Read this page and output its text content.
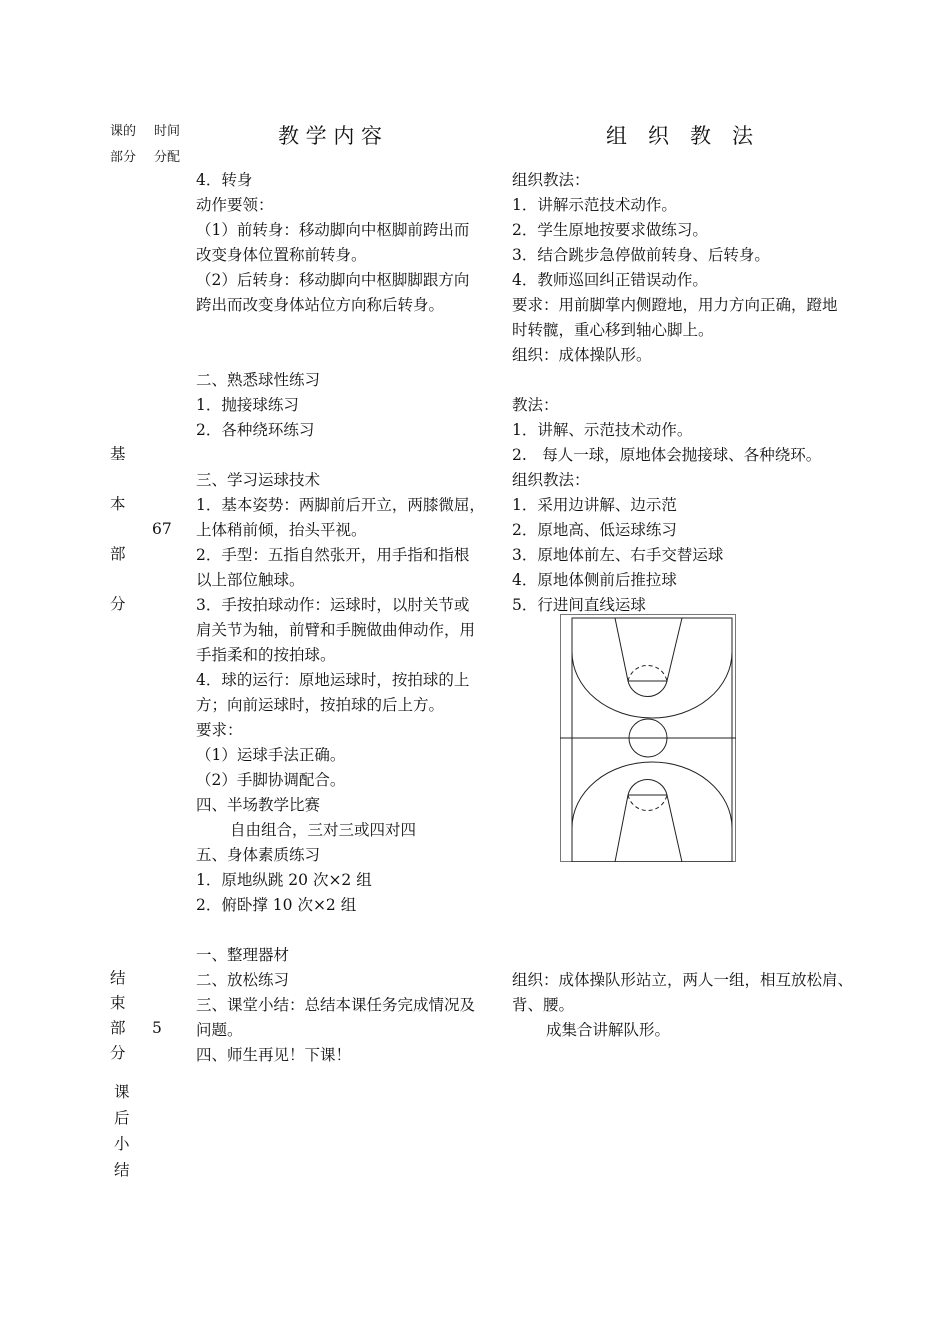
课的
部分
时间
分配
教 学 内 容	组　织　教　法
基
本
部
分
67
4．转身
动作要领：
（1）前转身：移动脚向中枢脚前跨出而
改变身体位置称前转身。
（2）后转身：移动脚向中枢脚脚跟方向
跨出而改变身体站位方向称后转身。
二、熟悉球性练习
1．抛接球练习
2．各种绕环练习
三、学习运球技术
1．基本姿势：两脚前后开立，两膝微屈，
上体稍前倾，抬头平视。
2．手型：五指自然张开，用手指和指根
以上部位触球。
3．手按拍球动作：运球时，以肘关节或
肩关节为轴，前臂和手腕做曲伸动作，用
手指柔和的按拍球。
4．球的运行：原地运球时，按拍球的上
方；向前运球时，按拍球的后上方。
要求：
（1）运球手法正确。
（2）手脚协调配合。
四、半场教学比赛
自由组合，三对三或四对四
五、身体素质练习
1．原地纵跳 20 次×2 组
2．俯卧撑 10 次×2 组
一、整理器材
二、放松练习
三、课堂小结：总结本课任务完成情况及
问题。
四、师生再见！下课！
组织教法：
1．讲解示范技术动作。
2．学生原地按要求做练习。
3．结合跳步急停做前转身、后转身。
4．教师巡回纠正错误动作。
要求：用前脚掌内侧蹬地，用力方向正确，蹬地
时转髋，重心移到轴心脚上。
组织：成体操队形。
教法：
1．讲解、示范技术动作。
2.　每人一球，原地体会抛接球、各种绕环。
组织教法：
1．采用边讲解、边示范
2．原地高、低运球练习
3．原地体前左、右手交替运球
4．原地体侧前后推拉球
5．行进间直线运球
组织：成体操队形站立，两人一组，相互放松肩、
背、腰。
成集合讲解队形。
结
束
部
分
5
课
后
小
结
